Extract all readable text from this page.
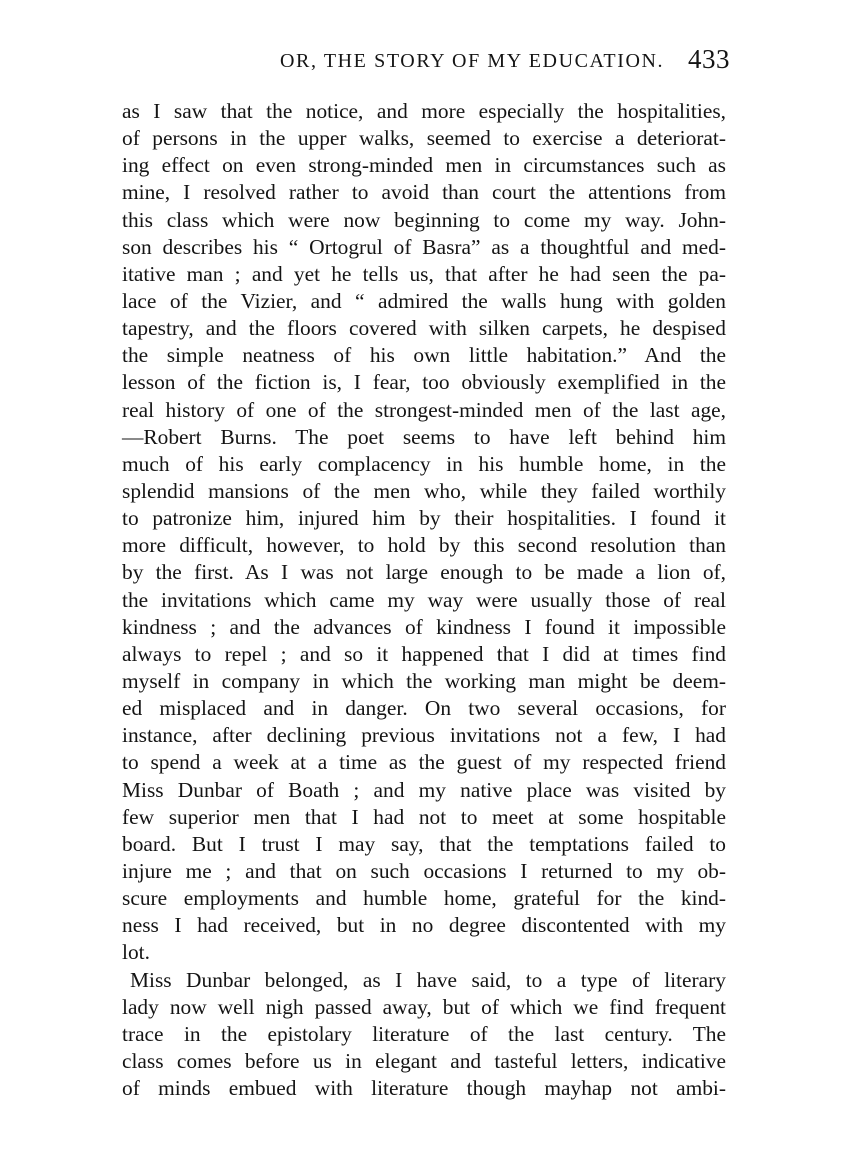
OR, THE STORY OF MY EDUCATION. 433
as I saw that the notice, and more especially the hospitalities,
of persons in the upper walks, seemed to exercise a deteriorat-
ing effect on even strong-minded men in circumstances such as
mine, I resolved rather to avoid than court the attentions from
this class which were now beginning to come my way. John-
son describes his “ Ortogrul of Basra” as a thoughtful and med-
itative man ; and yet he tells us, that after he had seen the pa-
lace of the Vizier, and “ admired the walls hung with golden
tapestry, and the floors covered with silken carpets, he despised
the simple neatness of his own little habitation.” And the
lesson of the fiction is, I fear, too obviously exemplified in the
real history of one of the strongest-minded men of the last age,
—Robert Burns. The poet seems to have left behind him
much of his early complacency in his humble home, in the
splendid mansions of the men who, while they failed worthily
to patronize him, injured him by their hospitalities. I found it
more difficult, however, to hold by this second resolution than
by the first. As I was not large enough to be made a lion of,
the invitations which came my way were usually those of real
kindness ; and the advances of kindness I found it impossible
always to repel ; and so it happened that I did at times find
myself in company in which the working man might be deem-
ed misplaced and in danger. On two several occasions, for
instance, after declining previous invitations not a few, I had
to spend a week at a time as the guest of my respected friend
Miss Dunbar of Boath ; and my native place was visited by
few superior men that I had not to meet at some hospitable
board. But I trust I may say, that the temptations failed to
injure me ; and that on such occasions I returned to my ob-
scure employments and humble home, grateful for the kind-
ness I had received, but in no degree discontented with my
lot.
Miss Dunbar belonged, as I have said, to a type of literary
lady now well nigh passed away, but of which we find frequent
trace in the epistolary literature of the last century. The
class comes before us in elegant and tasteful letters, indicative
of minds embued with literature though mayhap not ambi-
